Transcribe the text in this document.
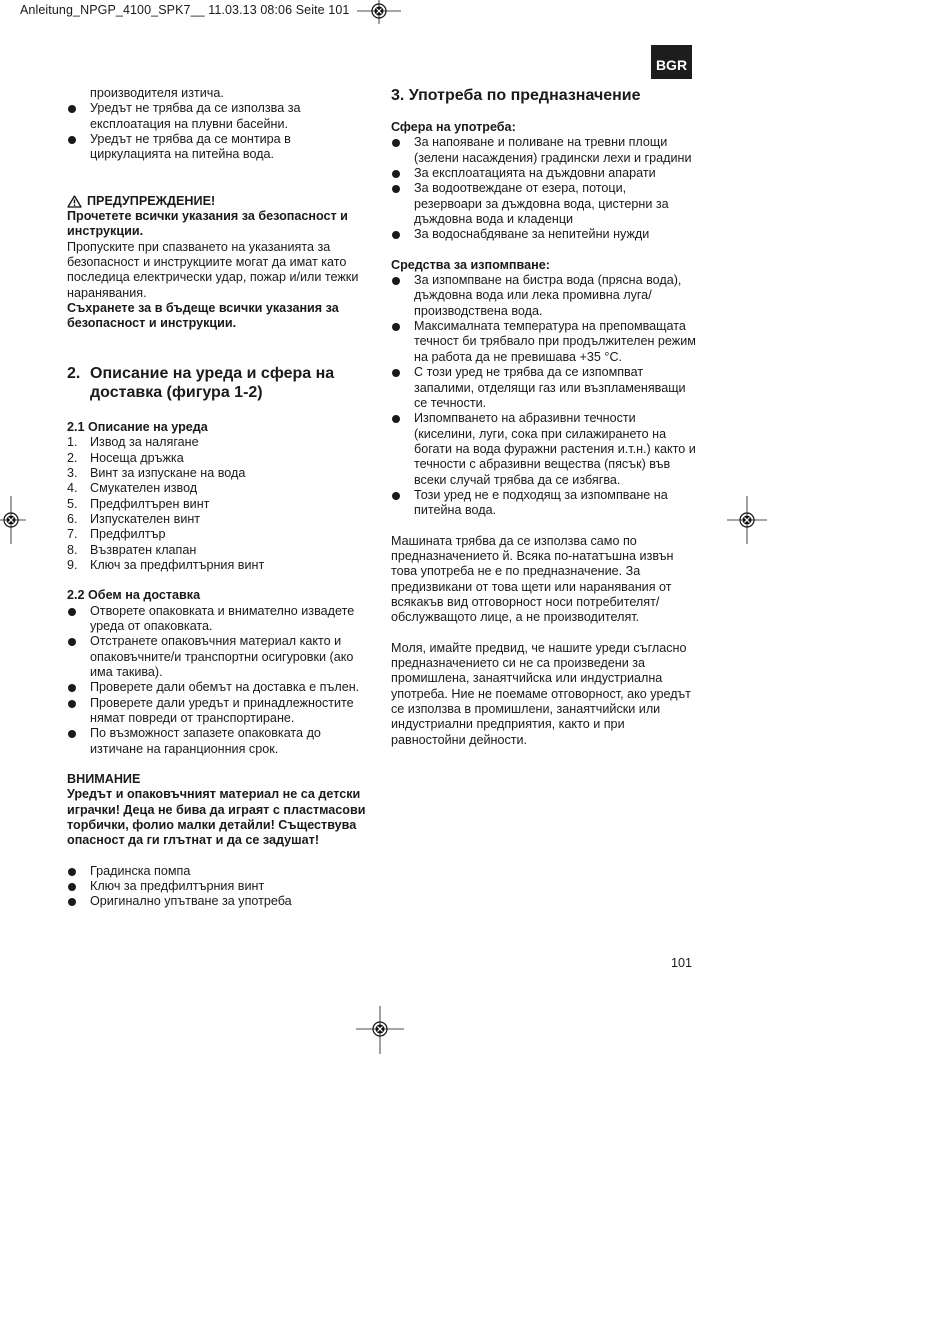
Anleitung_NPGP_4100_SPK7__ 11.03.13 08:06 Seite 101
BGR

производителя изтича.

Уредът не трябва да се използва за експлоатация на плувни басейни.
Уредът не трябва да се монтира в циркулацията на питейна вода.
ПРЕДУПРЕЖДЕНИЕ!

Прочетете всички указания за безопасност и инструкции.

Пропуските при спазването на указанията за безопасност и инструкциите могат да имат като последица електрически удар, пожар и/или тежки наранявания.

Съхранете за в бъдеще всички указания за безопасност и инструкции.

2. Описание на уреда и сфера на доставка (фигура 1-2)

2.1 Описание на уреда

1. Извод за налягане
2. Носеща дръжка
3. Винт за изпускане на вода
4. Смукателен извод
5. Предфилтърен винт
6. Изпускателен винт
7. Предфилтър
8. Възвратен клапан
9. Ключ за предфилтърния винт

2.2 Обем на доставка

Отворете опаковката и внимателно извадете уреда от опаковката.
Отстранете опаковъчния материал както и опаковъчните/и транспортни осигуровки (ако има такива).
Проверете дали обемът на доставка е пълен.
Проверете дали уредът и принадлежностите нямат повреди от транспортиране.
По възможност запазете опаковката до изтичане на гаранционния срок.

ВНИМАНИЕ

Уредът и опаковъчният материал не са детски играчки! Деца не бива да играят с пластмасови торбички, фолио малки детайли! Съществува опасност да ги глътнат и да се задушат!

Градинска помпа
Ключ за предфилтърния винт
Оригинално упътване за употреба

3. Употреба по предназначение

Сфера на употреба:

За напояване и поливане на тревни площи (зелени насаждения) градински лехи и градини
За експлоатацията на дъждовни апарати
За водоотвеждане от езера, потоци, резервоари за дъждовна вода, цистерни за дъждовна вода и кладенци
За водоснабдяване за непитейни нужди

Средства за изпомпване:

За изпомпване на бистра вода (прясна вода), дъждовна вода или лека промивна луга/производствена вода.
Максималната температура на препомващата течност би трябвало при продължителен режим на работа да не превишава +35 °C.
С този уред не трябва да се изпомпват запалими, отделящи газ или възпламеняващи се течности.
Изпомпването на абразивни течности (киселини, луги, сока при силажирането на богати на вода фуражни растения и.т.н.) както и течности с абразивни вещества (пясък) във всеки случай трябва да се избягва.
Този уред не е подходящ за изпомпване на питейна вода.

Машината трябва да се използва само по предназначението й. Всяка по-нататъшна извън това употреба не е по предназначение. За предизвикани от това щети или наранявания от всякакъв вид отговорност носи потребителят/обслужващото лице, а не производителят.

Моля, имайте предвид, че нашите уреди съгласно предназначението си не са произведени за промишлена, занаятчийска или индустриална употреба. Ние не поемаме отговорност, ако уредът се използва в промишлени, занаятчийски или индустриални предприятия, както и при равностойни дейности.

101
